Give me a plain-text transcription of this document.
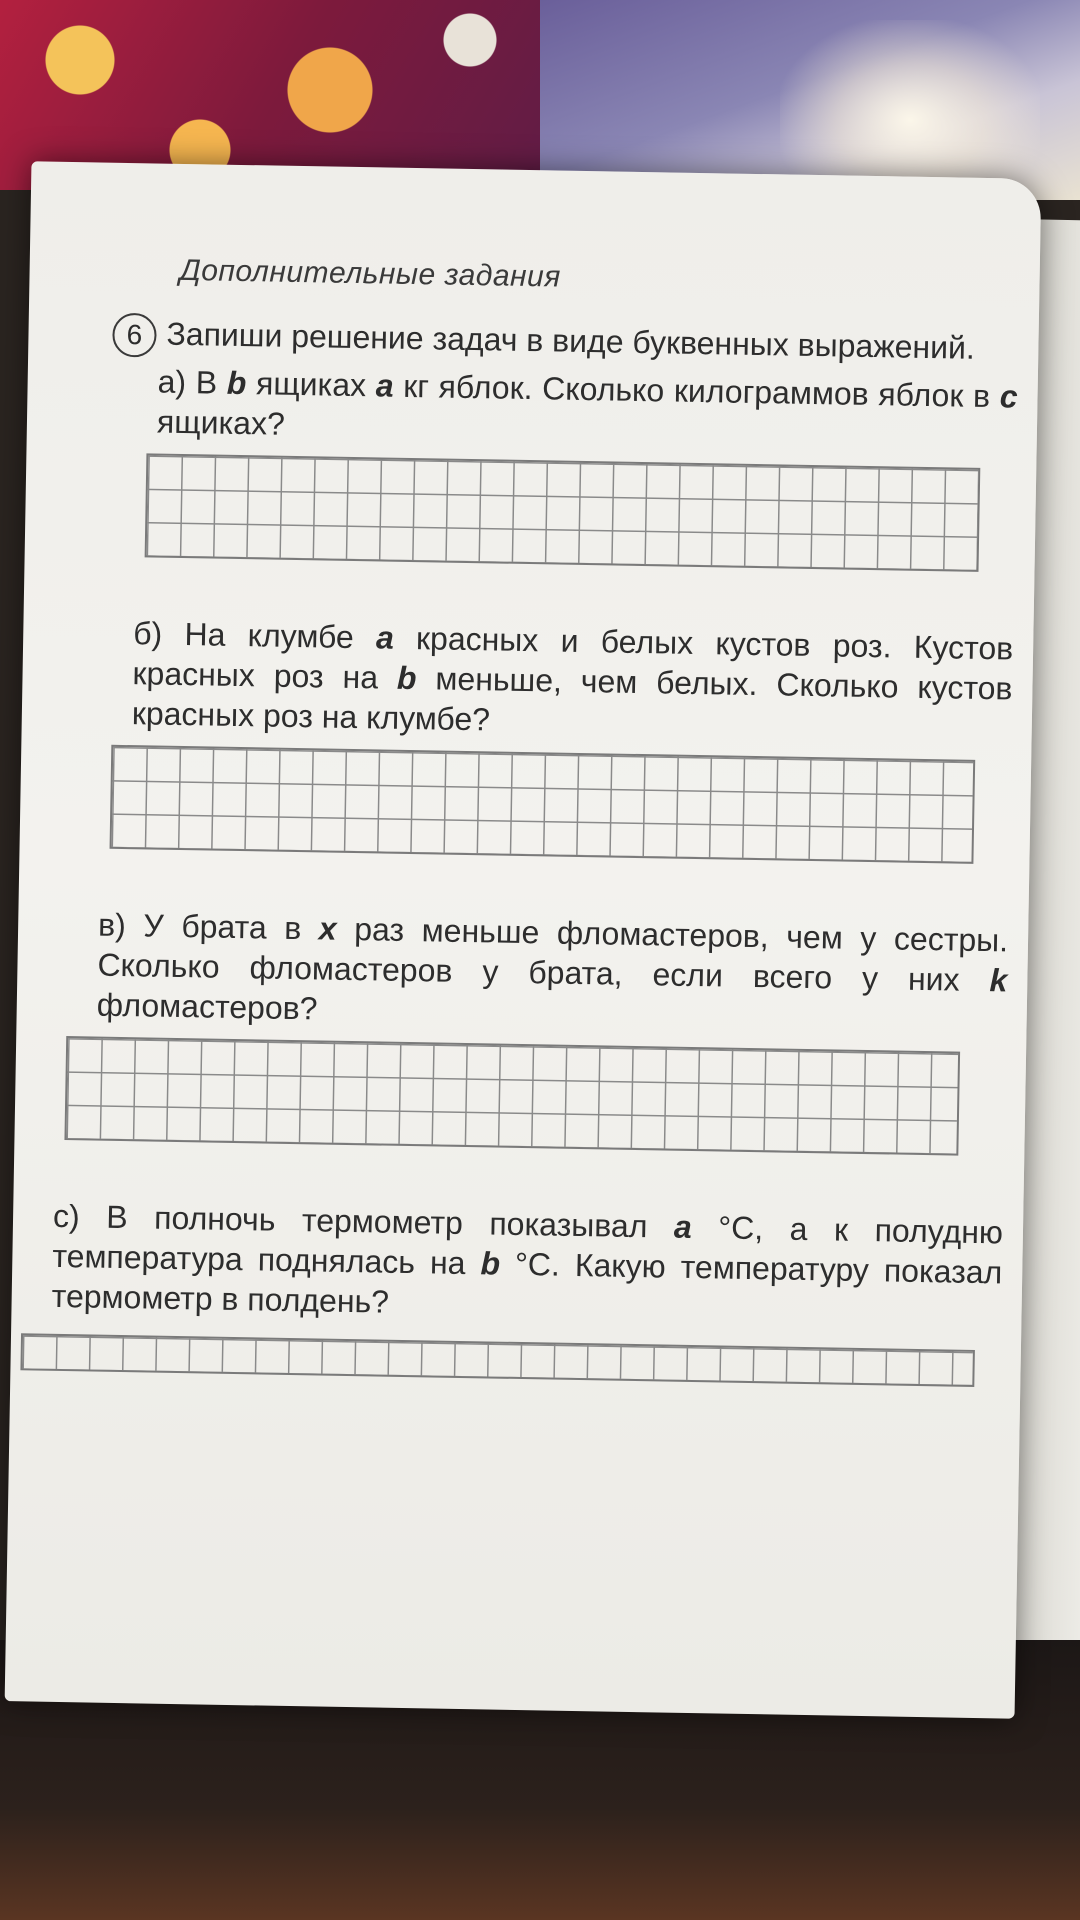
Дополнительные задания
6 Запиши решение задач в виде буквенных выражений.
а) В b ящиках a кг яблок. Сколько килограммов яблок в c ящиках?
б) На клумбе a красных и белых кустов роз. Кустов красных роз на b меньше, чем белых. Сколько кустов красных роз на клумбе?
в) У брата в x раз меньше фломастеров, чем у сестры. Сколько фломастеров у брата, если всего у них k фломастеров?
с) В полночь термометр показывал a °C, а к полудню температура поднялась на b °C. Какую температуру показал термометр в полдень?
